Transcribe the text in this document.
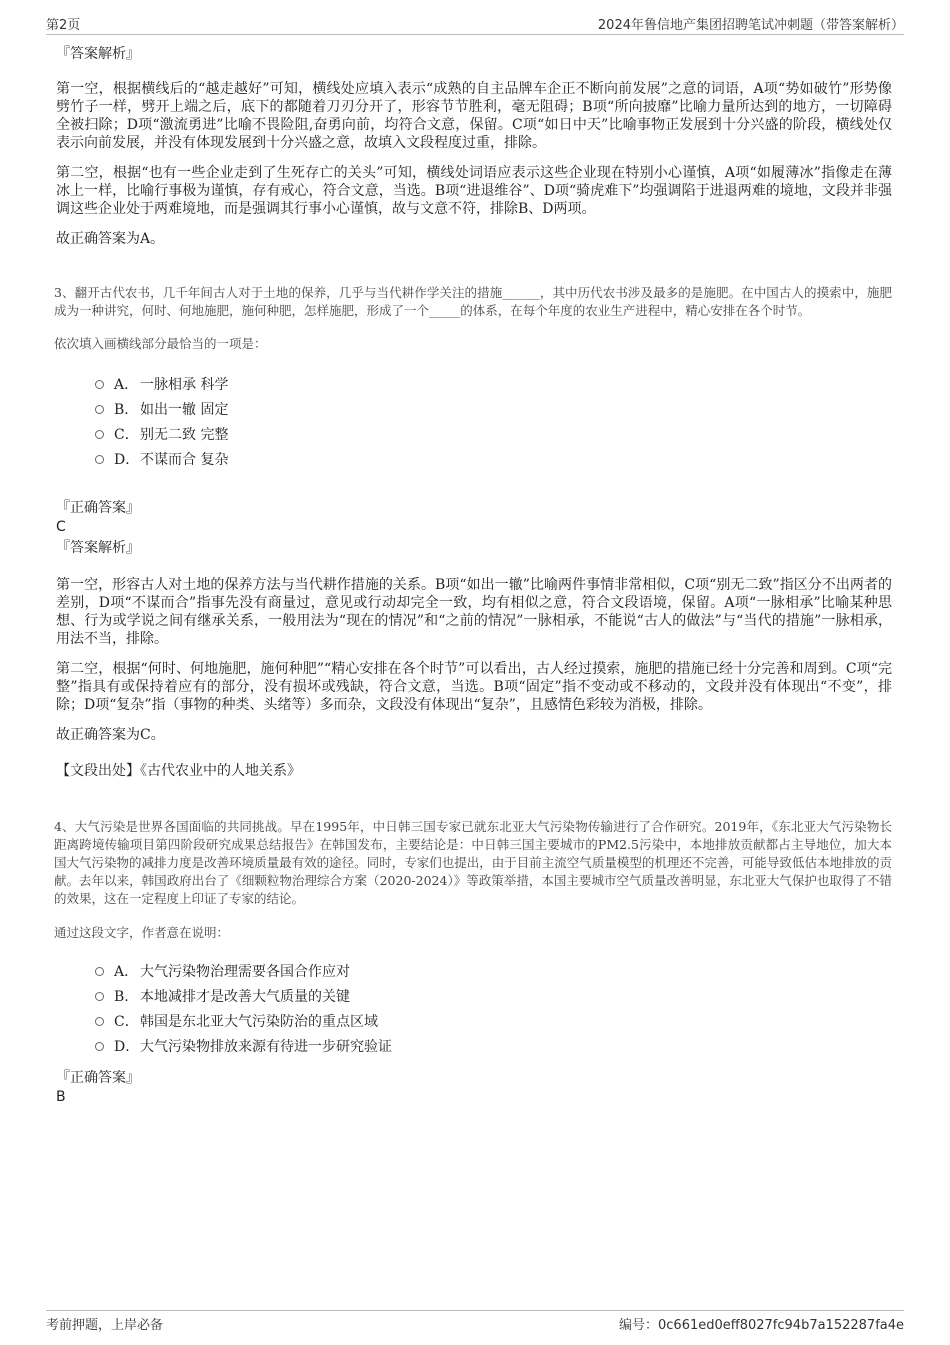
第2页	2024年鲁信地产集团招聘笔试冲刺题（带答案解析）
『答案解析』

第一空，根据横线后的“越走越好”可知，横线处应填入表示“成熟的自主品牌车企正不断向前发展”之意的词语，A项“势如破竹”形势像劈竹子一样，劈开上端之后，底下的都随着刀刃分开了，形容节节胜利，毫无阻碍；B项“所向披靡”比喻力量所达到的地方，一切障碍全被扫除；D项“激流勇进”比喻不畏险阻,奋勇向前，均符合文意，保留。C项“如日中天”比喻事物正发展到十分兴盛的阶段，横线处仅表示向前发展，并没有体现发展到十分兴盛之意，故填入文段程度过重，排除。

第二空，根据“也有一些企业走到了生死存亡的关头”可知，横线处词语应表示这些企业现在特别小心谨慎，A项“如履薄冰”指像走在薄冰上一样，比喻行事极为谨慎，存有戒心，符合文意，当选。B项“进退维谷”、D项“骑虎难下”均强调陷于进退两难的境地，文段并非强调这些企业处于两难境地，而是强调其行事小心谨慎，故与文意不符，排除B、D两项。

故正确答案为A。

3、翻开古代农书，几千年间古人对于土地的保养，几乎与当代耕作学关注的措施______，其中历代农书涉及最多的是施肥。在中国古人的摸索中，施肥成为一种讲究，何时、何地施肥，施何种肥，怎样施肥，形成了一个_____的体系，在每个年度的农业生产进程中，精心安排在各个时节。

依次填入画横线部分最恰当的一项是：

A． 一脉相承 科学
B. 如出一辙 固定
C．别无二致 完整
D．不谋而合 复杂
『正确答案』
C
『答案解析』

第一空，形容古人对土地的保养方法与当代耕作措施的关系。B项“如出一辙”比喻两件事情非常相似，C项“别无二致”指区分不出两者的差别，D项“不谋而合”指事先没有商量过，意见或行动却完全一致，均有相似之意，符合文段语境，保留。A项“一脉相承”比喻某种思想、行为或学说之间有继承关系，一般用法为“现在的情况”和“之前的情况”一脉相承，不能说“古人的做法”与“当代的措施”一脉相承，用法不当，排除。

第二空，根据“何时、何地施肥，施何种肥”“精心安排在各个时节”可以看出，古人经过摸索，施肥的措施已经十分完善和周到。C项“完整”指具有或保持着应有的部分，没有损坏或残缺，符合文意，当选。B项“固定”指不变动或不移动的，文段并没有体现出“不变”，排除；D项“复杂”指（事物的种类、头绪等）多而杂，文段没有体现出“复杂”，且感情色彩较为消极，排除。

故正确答案为C。

【文段出处】《古代农业中的人地关系》

4、大气污染是世界各国面临的共同挑战。早在1995年，中日韩三国专家已就东北亚大气污染物传输进行了合作研究。2019年，《东北亚大气污染物长距离跨境传输项目第四阶段研究成果总结报告》在韩国发布，主要结论是：中日韩三国主要城市的PM2.5污染中，本地排放贡献都占主导地位，加大本国大气污染物的减排力度是改善环境质量最有效的途径。同时，专家们也提出，由于目前主流空气质量模型的机理还不完善，可能导致低估本地排放的贡献。去年以来，韩国政府出台了《细颗粒物治理综合方案（2020-2024）》等政策举措，本国主要城市空气质量改善明显，东北亚大气保护也取得了不错的效果，这在一定程度上印证了专家的结论。

通过这段文字，作者意在说明：

A． 大气污染物治理需要各国合作应对
B. 本地减排才是改善大气质量的关键
C．韩国是东北亚大气污染防治的重点区域
D．大气污染物排放来源有待进一步研究验证
『正确答案』
B
考前押题，上岸必备	编号：0c661ed0eff8027fc94b7a152287fa4e
